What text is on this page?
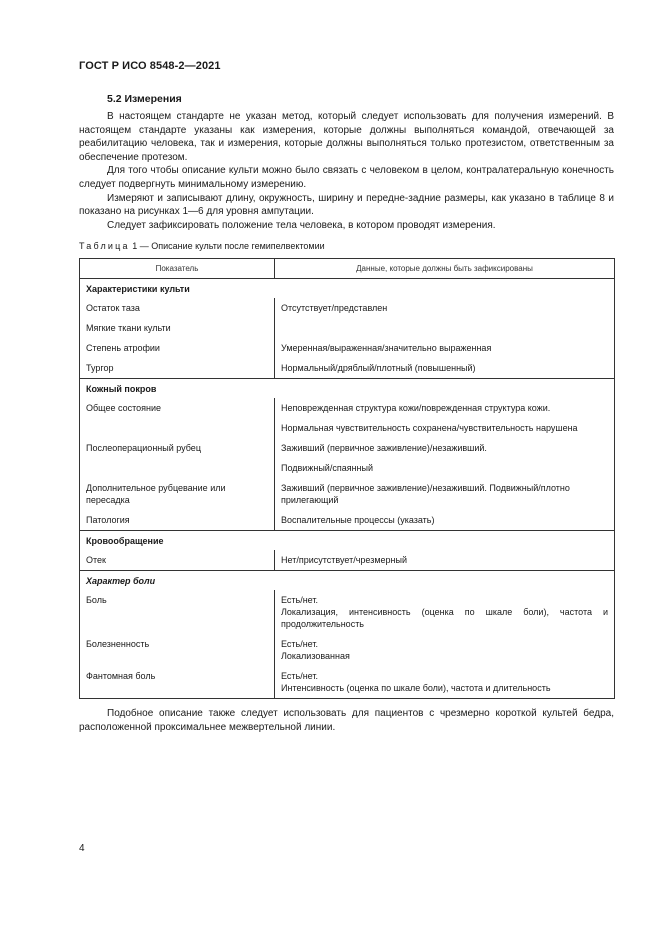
ГОСТ Р ИСО 8548-2—2021
5.2 Измерения

В настоящем стандарте не указан метод, который следует использовать для получения измерений. В настоящем стандарте указаны как измерения, которые должны выполняться командой, отвечающей за реабилитацию человека, так и измерения, которые должны выполняться только протезистом, ответственным за обеспечение протезом.

Для того чтобы описание культи можно было связать с человеком в целом, контралатеральную конечность следует подвергнуть минимальному измерению.

Измеряют и записывают длину, окружность, ширину и передне-задние размеры, как указано в таблице 8 и показано на рисунках 1—6 для уровня ампутации.

Следует зафиксировать положение тела человека, в котором проводят измерения.

Таблица 1 — Описание культи после гемипелвектомии
Показатель	Данные, которые должны быть зафиксированы
Характеристики культи	
Остаток таза	Отсутствует/представлен
Мягкие ткани культи	
Степень атрофии	Умеренная/выраженная/значительно выраженная
Тургор	Нормальный/дряблый/плотный (повышенный)
Кожный покров	
Общее состояние	Неповрежденная структура кожи/поврежденная структура кожи.
	Нормальная чувствительность сохранена/чувствительность нарушена
Послеоперационный рубец	Заживший (первичное заживление)/незаживший.
	Подвижный/спаянный
Дополнительное рубцевание или пересадка	Заживший (первичное заживление)/незаживший. Подвижный/плотно прилегающий
Патология	Воспалительные процессы (указать)
Кровообращение	
Отек	Нет/присутствует/чрезмерный
Характер боли	
Боль	Есть/нет.
Локализация, интенсивность (оценка по шкале боли), частота и продолжительность

Болезненность	Есть/нет.
Локализованная

Фантомная боль	Есть/нет.
Интенсивность (оценка по шкале боли), частота и длительность

Подобное описание также следует использовать для пациентов с чрезмерно короткой культей бедра, расположенной проксимальнее межвертельной линии.

4
